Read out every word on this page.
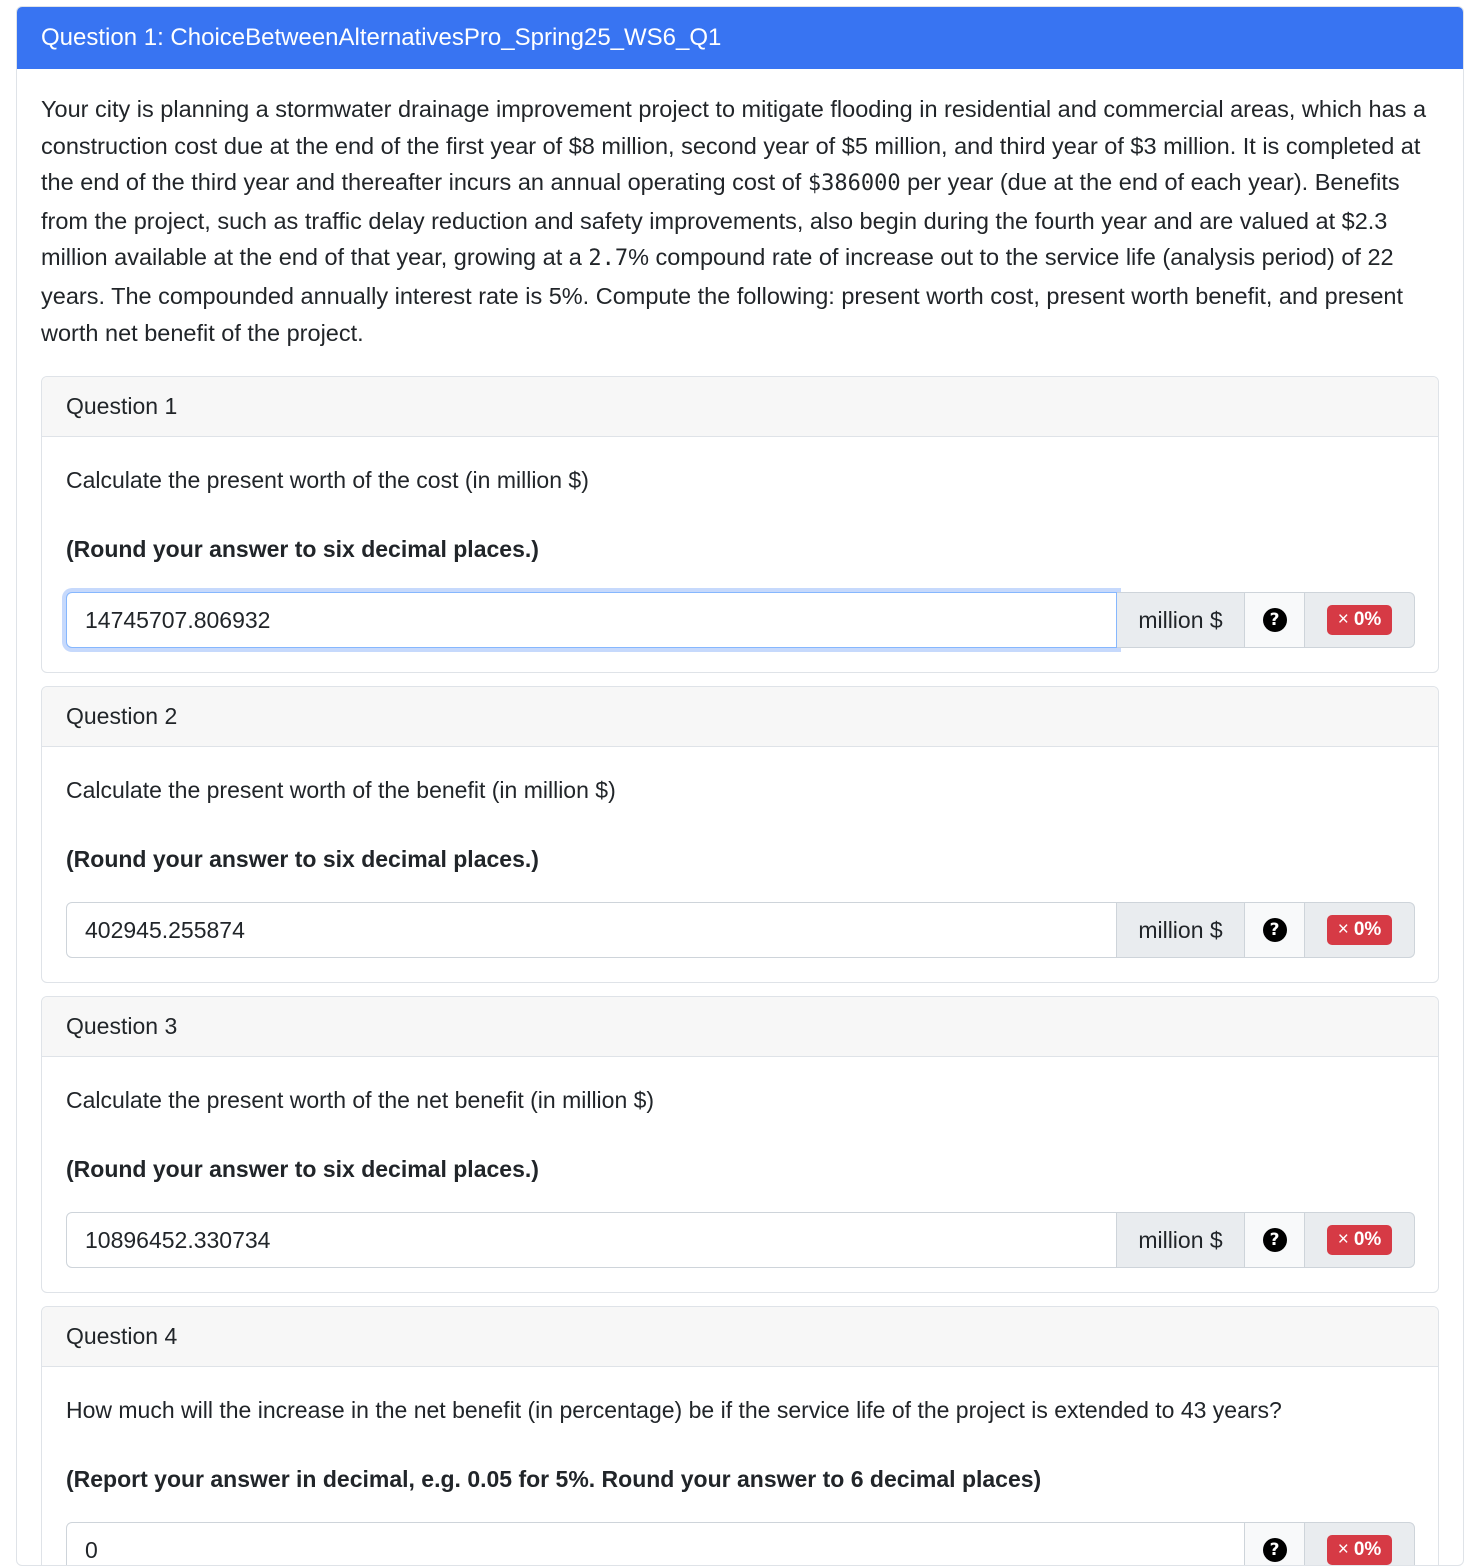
Question 1: ChoiceBetweenAlternativesPro_Spring25_WS6_Q1

Your city is planning a stormwater drainage improvement project to mitigate flooding in residential and commercial areas, which has a construction cost due at the end of the first year of $8 million, second year of $5 million, and third year of $3 million. It is completed at the end of the third year and thereafter incurs an annual operating cost of $386000 per year (due at the end of each year). Benefits from the project, such as traffic delay reduction and safety improvements, also begin during the fourth year and are valued at $2.3 million available at the end of that year, growing at a 2.7% compound rate of increase out to the service life (analysis period) of 22 years. The compounded annually interest rate is 5%. Compute the following: present worth cost, present worth benefit, and present worth net benefit of the project.

Question 1

Calculate the present worth of the cost (in million $)

(Round your answer to six decimal places.)

14745707.806932
million $	?	× 0%
Question 2

Calculate the present worth of the benefit (in million $)

(Round your answer to six decimal places.)

402945.255874
million $	?	× 0%
Question 3

Calculate the present worth of the net benefit (in million $)

(Round your answer to six decimal places.)

10896452.330734
million $	?	× 0%
Question 4

How much will the increase in the net benefit (in percentage) be if the service life of the project is extended to 43 years?

(Report your answer in decimal, e.g. 0.05 for 5%. Round your answer to 6 decimal places)

0
?	× 0%
